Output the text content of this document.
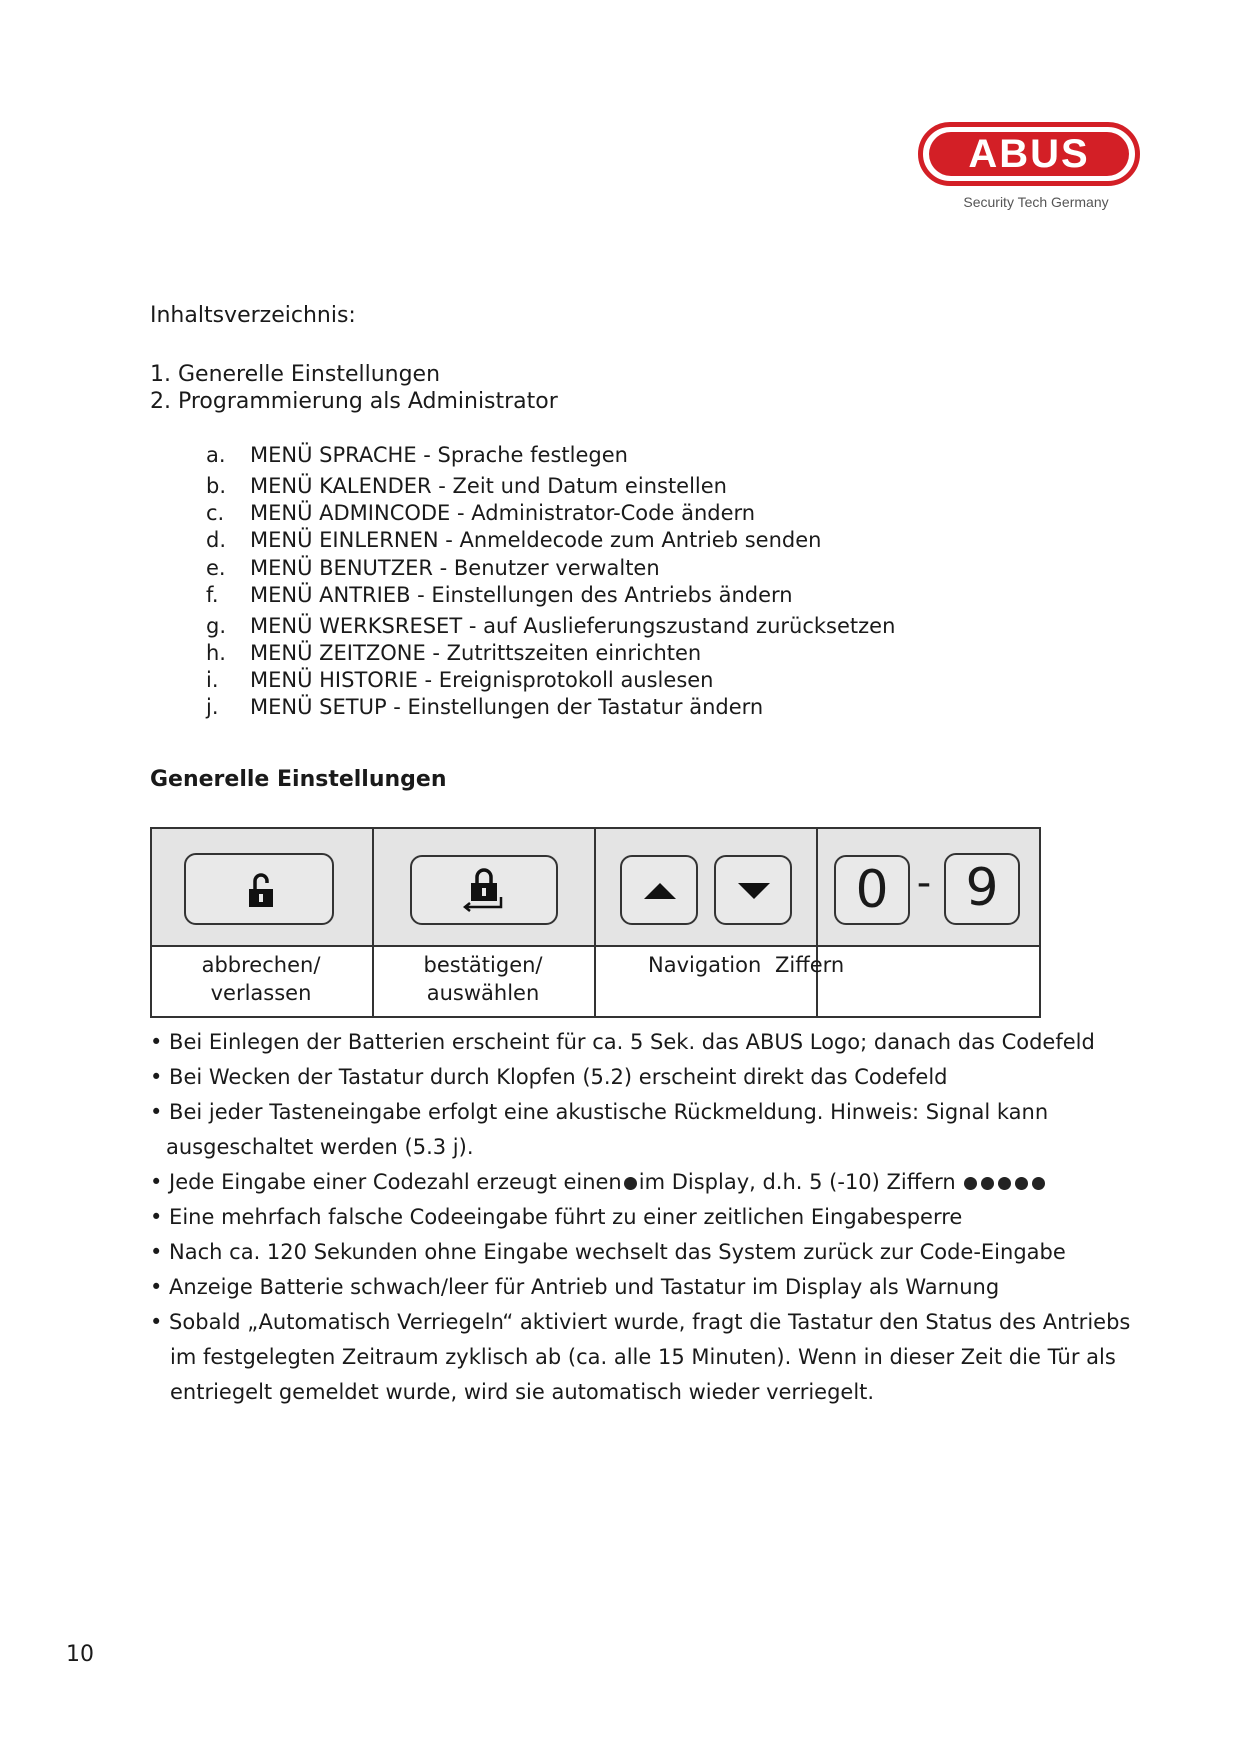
ABUS
Security Tech Germany
Inhaltsverzeichnis:
1. Generelle Einstellungen
2. Programmierung als Administrator
a. MENÜ SPRACHE - Sprache festlegen
b. MENÜ KALENDER - Zeit und Datum einstellen
c. MENÜ ADMINCODE - Administrator-Code ändern
d. MENÜ EINLERNEN - Anmeldecode zum Antrieb senden
e. MENÜ BENUTZER - Benutzer verwalten
f. MENÜ ANTRIEB - Einstellungen des Antriebs ändern
g. MENÜ WERKSRESET - auf Auslieferungszustand zurücksetzen
h. MENÜ ZEITZONE - Zutrittszeiten einrichten
i. MENÜ HISTORIE - Ereignisprotokoll auslesen
j. MENÜ SETUP - Einstellungen der Tastatur ändern
Generelle Einstellungen
abbrechen/
verlassen
bestätigen/
auswählen
Navigation
0 - 9
Ziffern
• Bei Einlegen der Batterien erscheint für ca. 5 Sek. das ABUS Logo; danach das Codefeld
• Bei Wecken der Tastatur durch Klopfen (5.2) erscheint direkt das Codefeld
• Bei jeder Tasteneingabe erfolgt eine akustische Rückmeldung. Hinweis: Signal kann
ausgeschaltet werden (5.3 j).
• Jede Eingabe einer Codezahl erzeugt einen im Display, d.h. 5 (-10) Ziffern
• Eine mehrfach falsche Codeeingabe führt zu einer zeitlichen Eingabesperre
• Nach ca. 120 Sekunden ohne Eingabe wechselt das System zurück zur Code-Eingabe
• Anzeige Batterie schwach/leer für Antrieb und Tastatur im Display als Warnung
• Sobald „Automatisch Verriegeln“ aktiviert wurde, fragt die Tastatur den Status des Antriebs
im festgelegten Zeitraum zyklisch ab (ca. alle 15 Minuten). Wenn in dieser Zeit die Tür als
entriegelt gemeldet wurde, wird sie automatisch wieder verriegelt.
10
